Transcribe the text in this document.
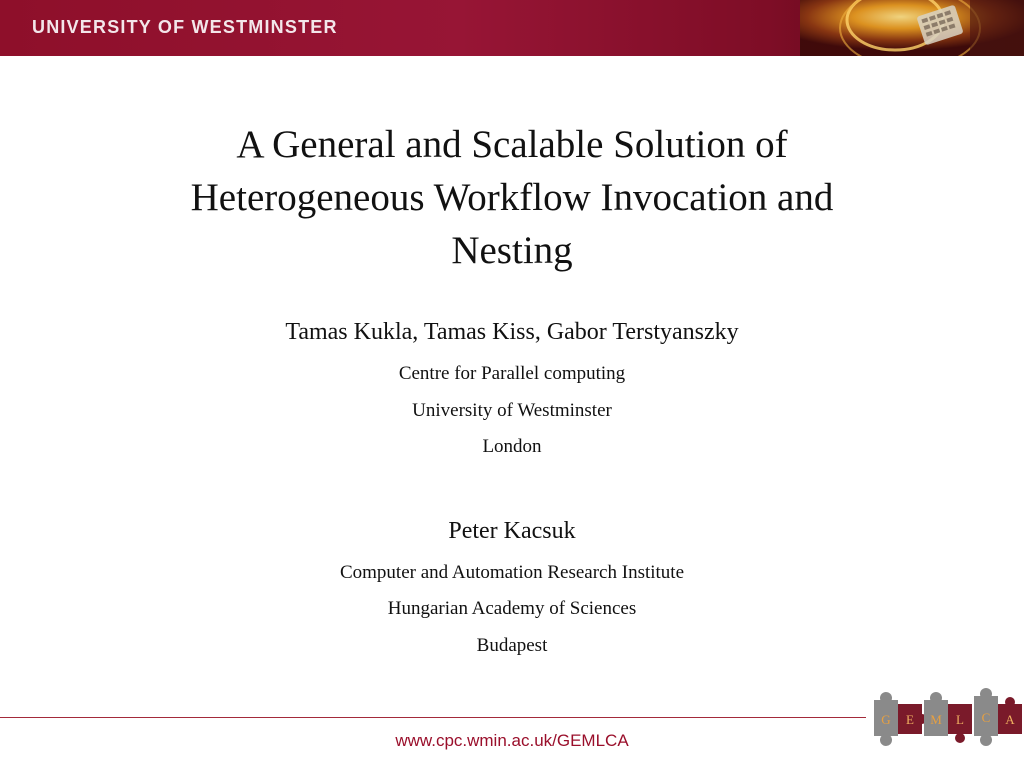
UNIVERSITY OF WESTMINSTER
A General and Scalable Solution of
Heterogeneous Workflow Invocation and
Nesting
Tamas Kukla, Tamas Kiss, Gabor Terstyanszky
Centre for Parallel computing
University of Westminster
London
Peter Kacsuk
Computer and Automation Research Institute
Hungarian Academy of Sciences
Budapest
www.cpc.wmin.ac.uk/GEMLCA
G E M L C A
